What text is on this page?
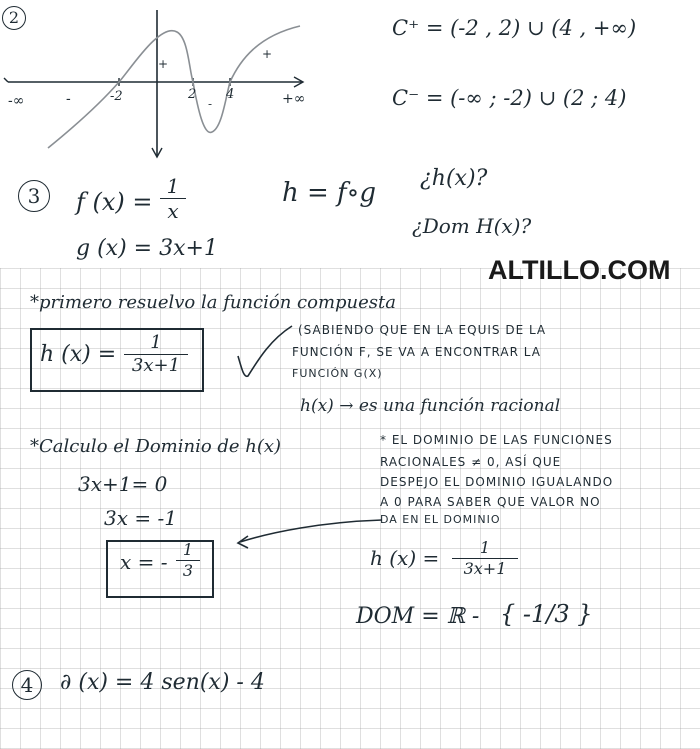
2
-∞	-	-2	2 4	+∞
+
+
-
C⁺ = (-2 , 2) ∪ (4 , +∞)
C⁻ = (-∞ ; -2) ∪ (2 ; 4)
3	f (x) =
1
x
h = f∘g ¿h(x)?
¿Dom H(x)?
g (x) = 3x+1
ALTILLO.COM
*primero resuelvo la función compuesta
h (x) =	1
3x+1
(SABIENDO QUE EN LA EQUIS DE LA
FUNCIÓN F, SE VA A ENCONTRAR LA
FUNCIÓN G(X)
h(x) → es una función racional
*Calculo el Dominio de h(x)	* EL DOMINIO DE LAS FUNCIONES
RACIONALES ≠ 0, ASÍ QUE
DESPEJO EL DOMINIO IGUALANDO
A 0 PARA SABER QUE VALOR NO
DA EN EL DOMINIO
3x+1= 0
3x = -1
x = -
1
3
h (x) =	1
3x+1
DOM = ℝ - { -1/3 }
4	∂ (x) = 4 sen(x) - 4
